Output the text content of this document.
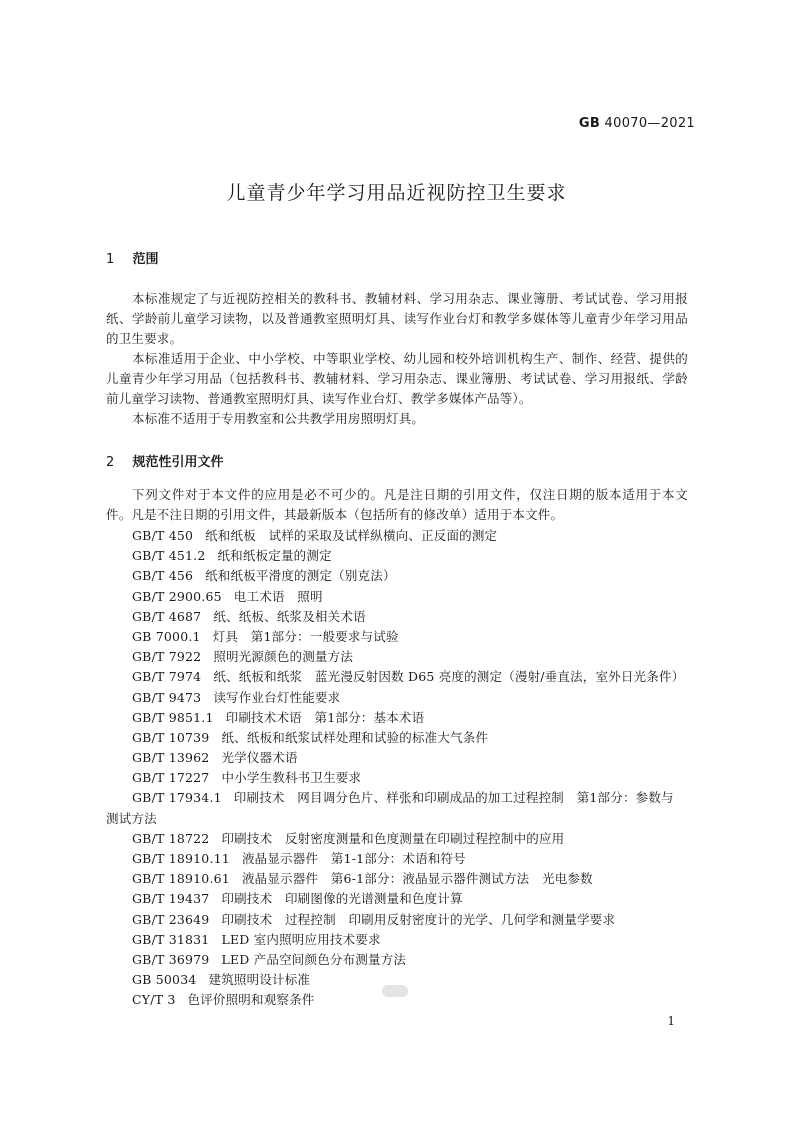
GB 40070—2021
儿童青少年学习用品近视防控卫生要求
1 范围

本标准规定了与近视防控相关的教科书、教辅材料、学习用杂志、课业簿册、考试试卷、学习用报纸、学龄前儿童学习读物，以及普通教室照明灯具、读写作业台灯和教学多媒体等儿童青少年学习用品的卫生要求。

本标准适用于企业、中小学校、中等职业学校、幼儿园和校外培训机构生产、制作、经营、提供的儿童青少年学习用品（包括教科书、教辅材料、学习用杂志、课业簿册、考试试卷、学习用报纸、学龄前儿童学习读物、普通教室照明灯具、读写作业台灯、教学多媒体产品等）。

本标准不适用于专用教室和公共教学用房照明灯具。

2 规范性引用文件

下列文件对于本文件的应用是必不可少的。凡是注日期的引用文件，仅注日期的版本适用于本文件。凡是不注日期的引用文件，其最新版本（包括所有的修改单）适用于本文件。

GB/T 450 纸和纸板　试样的采取及试样纵横向、正反面的测定
GB/T 451.2 纸和纸板定量的测定
GB/T 456 纸和纸板平滑度的测定（别克法）
GB/T 2900.65 电工术语　照明
GB/T 4687 纸、纸板、纸浆及相关术语
GB 7000.1 灯具　第1部分：一般要求与试验
GB/T 7922 照明光源颜色的测量方法
GB/T 7974 纸、纸板和纸浆　蓝光漫反射因数 D65 亮度的测定（漫射/垂直法，室外日光条件）
GB/T 9473 读写作业台灯性能要求
GB/T 9851.1 印刷技术术语　第1部分：基本术语
GB/T 10739 纸、纸板和纸浆试样处理和试验的标准大气条件
GB/T 13962 光学仪器术语
GB/T 17227 中小学生教科书卫生要求
GB/T 17934.1 印刷技术　网目调分色片、样张和印刷成品的加工过程控制　第1部分：参数与
测试方法
GB/T 18722 印刷技术　反射密度测量和色度测量在印刷过程控制中的应用
GB/T 18910.11 液晶显示器件　第1-1部分：术语和符号
GB/T 18910.61 液晶显示器件　第6-1部分：液晶显示器件测试方法　光电参数
GB/T 19437 印刷技术　印刷图像的光谱测量和色度计算
GB/T 23649 印刷技术　过程控制　印刷用反射密度计的光学、几何学和测量学要求
GB/T 31831 LED 室内照明应用技术要求
GB/T 36979 LED 产品空间颜色分布测量方法
GB 50034 建筑照明设计标准
CY/T 3 色评价照明和观察条件
1
